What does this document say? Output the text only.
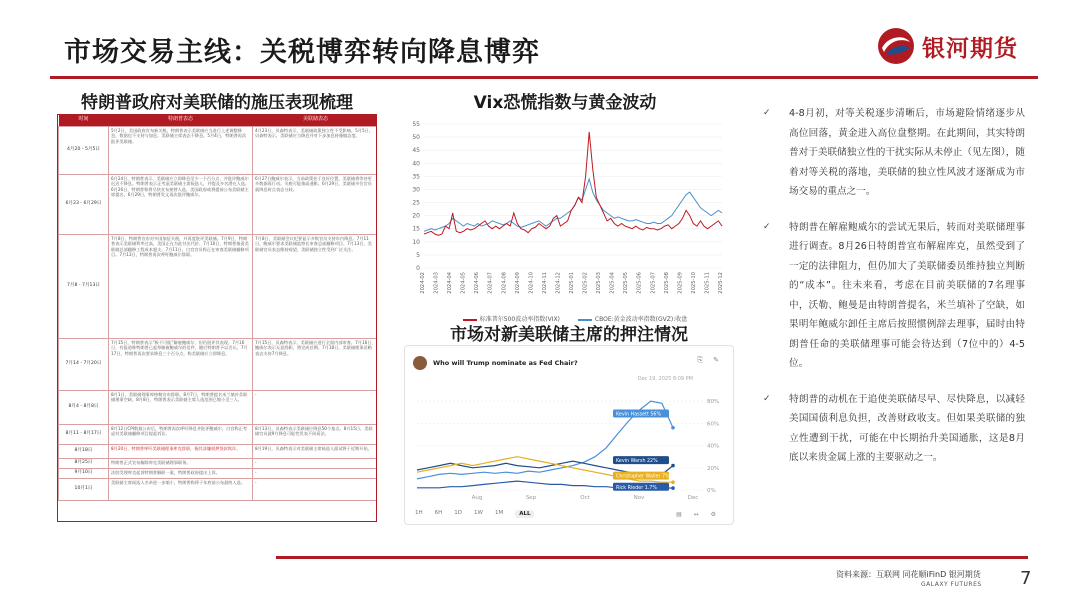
市场交易主线：关税博弈转向降息博弈	银河期货
特朗普政府对美联储的施压表现梳理
时间	特朗普表态	美联储表态
4月20 - 5月5日	5月2日，美国政府宣布新关税。特朗普表示美联储应当进行上述调整降息，数据也不支持与加息。美联储主席表态不降息。5月4日，特朗普再次批评美联储。	4月23日，贝森特表示，美联储政策独立性不受影响。5月5日，贝森特表示，美联储应当降息并对下步加息持谨慎态度。
6月23 - 6月29日	6月24日，特朗普表示，美联储应立即降息至少一个百分点，并批评鲍威尔迟迟不降息。特朗普表示正考虑美联储主席候选人，并提及多名潜在人选。6月26日，特朗普称将尽快宣布接替人选，美国政府或将提前公布美联储主席提名。6月29日，特朗普发文再次批评鲍威尔。	6月27日鲍威尔表示，当前政策处于良好位置，美联储将等待更多数据再行动。关税可能推高通胀。6月29日，美联储多位官员就降息时点表态分歧。
7月8 - 7月13日	7月8日，特朗普宣布对多国加征关税，并再度批评美联储。7月9日，特朗普表示美联储利率过高，美国正在为此付出代价。7月10日，特朗普指责美联储总部翻修工程成本超支。7月11日，白宫官员称正在审查美联储翻修项目。7月13日，特朗普再次呼吁鲍威尔辞职。	7月8日，美联储会议纪要显示多数官员支持年内降息。7月11日，鲍威尔要求美联储监察长审查总部翻修项目。7月13日，美联储官员表态维持观望，美联储独立性受到广泛关注。
7月14 - 7月20日	7月15日，特朗普表示“极不可能”解雇鲍威尔，但仍批评其表现。7月16日，有报道称特朗普已起草解雇鲍威尔的信件，随后特朗普予以否认。7月17日，特朗普再次要求降息三个百分点，称美联储应立即降息。	7月15日，贝森特表示，美联储应进行全面内部审查。7月16日，鲍威尔表示无意辞职，将完成任期。7月18日，美联储理事沃勒表态支持7月降息。
8月4 - 8月8日	8月1日，美联储理事库格勒宣布辞职。8月7日，特朗普提名米兰填补美联储理事空缺。8月8日，特朗普表示美联储主席人选范围已缩小至三人。	-
8月11 - 8月17日	8月12日CPI数据公布后，特朗普再次呼吁降息并批评鲍威尔，白宫称正考虑对美联储翻修项目提起诉讼。	8月13日，贝森特表示美联储应降息50个基点。8月15日，美联储官员就9月降息可能性发表不同看法。
8月18日	8月20日，特朗普呼吁美联储理事库克辞职，指其涉嫌抵押贷款欺诈。	8月19日，贝森特表示对美联储主席候选人面试将于近期开始。
8月25日	特朗普正式宣布解除库克美联储理事职务。	-
9月10日	法院受理库克起诉特朗普解职一案，特朗普政府提出上诉。	-
10月1日	美联储主席候选人名单进一步缩小，特朗普称将于年底前公布最终人选。	-
Vix恐慌指数与黄金波动
0
5
10
15
20
25
30
35
40
45
50
55
2024-02 2024-03 2024-04 2024-05 2024-06 2024-07 2024-08 2024-09 2024-10 2024-11 2024-12 2025-01 2025-02 2025-03 2025-04 2025-05 2025-06 2025-07 2025-08 2025-09 2025-10 2025-11 2025-12
标准普尔500波动率指数(VIX)	CBOE:黄金波动率指数(GVZ):收盘
市场对新美联储主席的押注情况
Who will Trump nominate as Fed Chair?	⎘ ✎
Dec 19, 2025 8:09 PM
80%
60%
40%
20%
0%
Aug	Sep	Oct	Nov	Dec
Kevin Hassett 56%
Kevin Warsh 22%
Christopher Waller 7%
Rick Rieder 1.7%
1H 6H 1D 1W 1M	ALL	▤ ↔ ⚙
✓ 4-8月初，对等关税逐步清晰后，市场避险情绪逐步从高位回落，黄金进入高位盘整期。在此期间，其实特朗普对于美联储独立性的干扰实际从未停止（见左图），随着对等关税的落地，美联储的独立性风波才逐渐成为市场交易的重点之一。
✓ 特朗普在解雇鲍威尔的尝试无果后，转而对美联储理事进行调查。8月26日特朗普宣布解雇库克，虽然受到了一定的法律阻力，但仍加大了美联储委员维持独立判断的“成本”。往未来看，考虑在目前美联储的7名理事中，沃勒、鲍曼是由特朗普提名，米兰填补了空缺，如果明年鲍威尔卸任主席后按照惯例辞去理事，届时由特朗普任命的美联储理事可能会待达到（7位中的）4-5位。
✓ 特朗普的动机在于追使美联储尽早、尽快降息，以减轻美国国债利息负担，改善财政收支。但如果美联储的独立性遭到干扰，可能在中长期抬升美国通胀，这是8月底以来贵金属上涨的主要驱动之一。
资料来源：互联网 同花顺iFinD 银河期货
GALAXY FUTURES 7
